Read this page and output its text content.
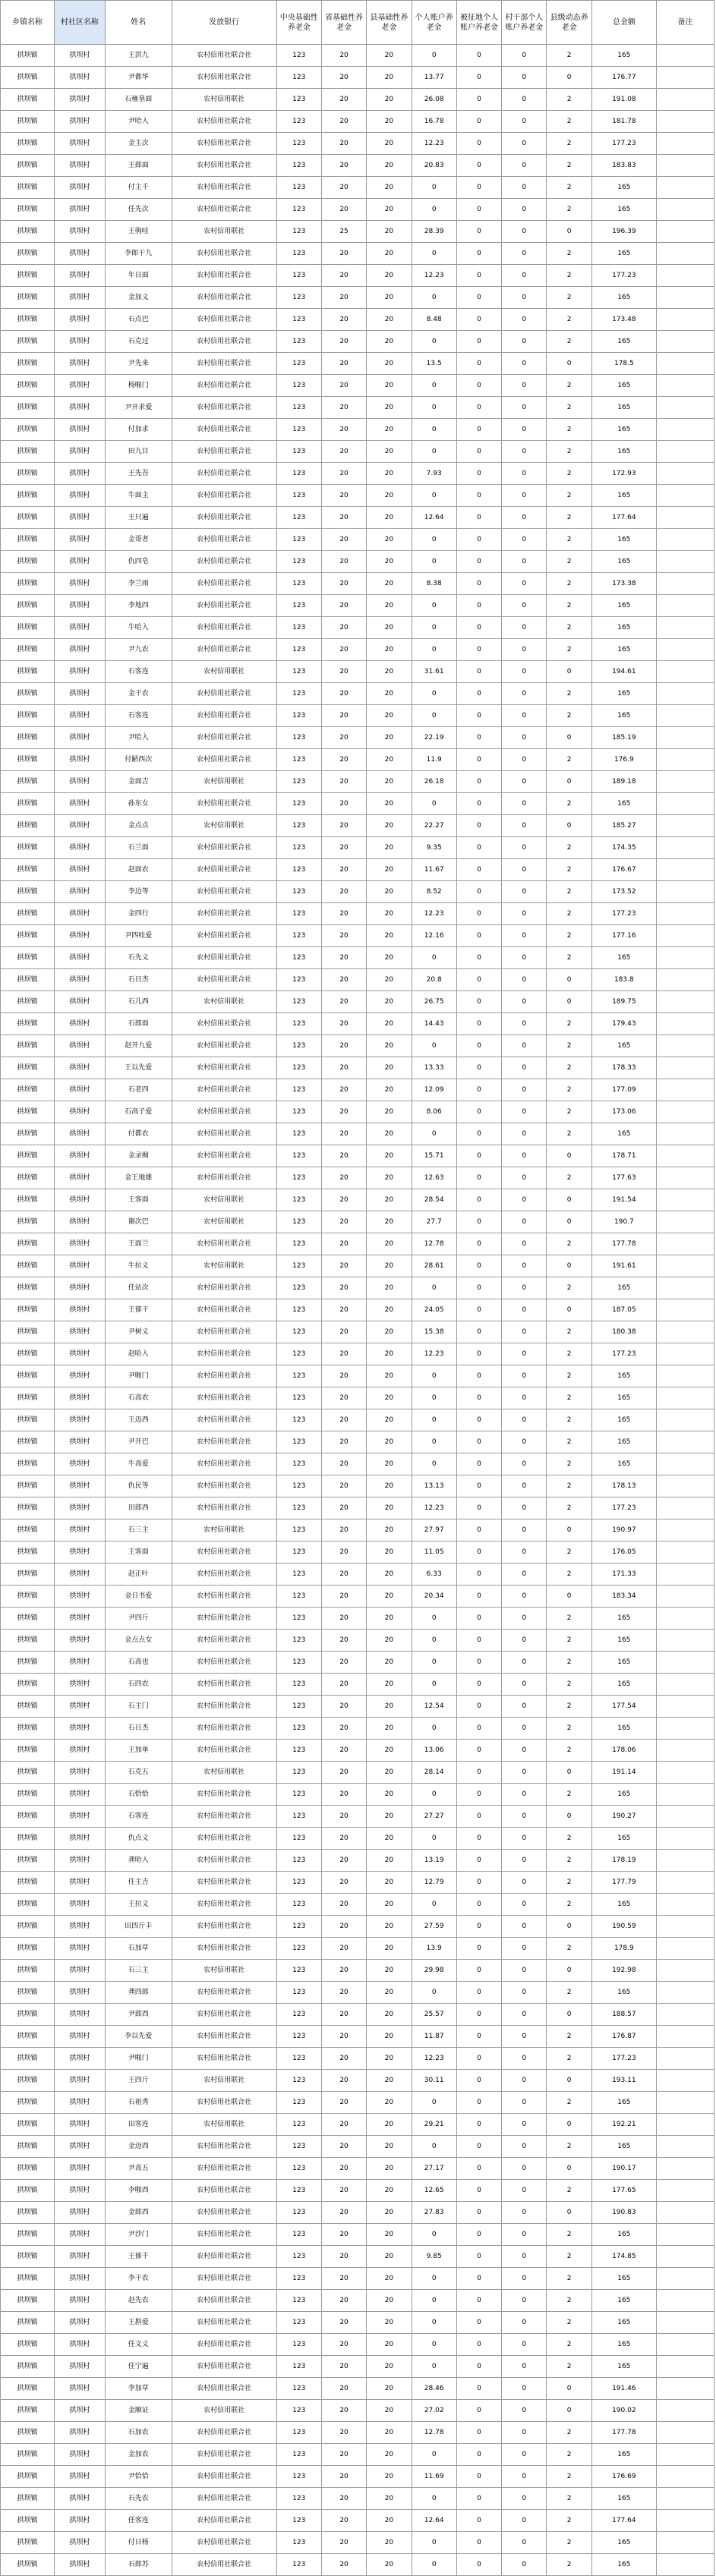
乡镇名称	村社区名称	姓名	发放银行	中央基础性养老金	省基础性养老金	县基础性养老金	个人账户养老金	被征地个人账户养老金	村干部个人账户养老金	县级动态养老金	总金额	备注
拱坝镇	拱坝村	王洪九	农村信用社联合社	123	20	20	0	0	0	2	165	
拱坝镇	拱坝村	尹都华	农村信用社联合社	123	20	20	13.77	0	0	0	176.77	
拱坝镇	拱坝村	石雍垦面	农村信用联社	123	20	20	26.08	0	0	2	191.08	
拱坝镇	拱坝村	尹哈入	农村信用社联合社	123	20	20	16.78	0	0	2	181.78	
拱坝镇	拱坝村	金主次	农村信用社联合社	123	20	20	12.23	0	0	2	177.23	
拱坝镇	拱坝村	王郎面	农村信用社联合社	123	20	20	20.83	0	0	2	183.83	
拱坝镇	拱坝村	付主千	农村信用社联合社	123	20	20	0	0	0	2	165	
拱坝镇	拱坝村	任先次	农村信用社联合社	123	20	20	0	0	0	2	165	
拱坝镇	拱坝村	王驹哇	农村信用联社	123	25	20	28.39	0	0	0	196.39	
拱坝镇	拱坝村	李郎干九	农村信用社联合社	123	20	20	0	0	0	2	165	
拱坝镇	拱坝村	年日面	农村信用社联合社	123	20	20	12.23	0	0	2	177.23	
拱坝镇	拱坝村	金加义	农村信用社联合社	123	20	20	0	0	0	2	165	
拱坝镇	拱坝村	石点巴	农村信用社联合社	123	20	20	8.48	0	0	2	173.48	
拱坝镇	拱坝村	石克过	农村信用社联合社	123	20	20	0	0	0	2	165	
拱坝镇	拱坝村	尹先来	农村信用社联合社	123	20	20	13.5	0	0	0	178.5	
拱坝镇	拱坝村	杨啪门	农村信用社联合社	123	20	20	0	0	0	2	165	
拱坝镇	拱坝村	尹开求爱	农村信用社联合社	123	20	20	0	0	0	2	165	
拱坝镇	拱坝村	付加求	农村信用社联合社	123	20	20	0	0	0	2	165	
拱坝镇	拱坝村	田九目	农村信用社联合社	123	20	20	0	0	0	2	165	
拱坝镇	拱坝村	王先吾	农村信用社联合社	123	20	20	7.93	0	0	2	172.93	
拱坝镇	拱坝村	牛面主	农村信用社联合社	123	20	20	0	0	0	2	165	
拱坝镇	拱坝村	王只遍	农村信用社联合社	123	20	20	12.64	0	0	2	177.64	
拱坝镇	拱坝村	金哥者	农村信用社联合社	123	20	20	0	0	0	2	165	
拱坝镇	拱坝村	仇四皂	农村信用社联合社	123	20	20	0	0	0	2	165	
拱坝镇	拱坝村	李兰雨	农村信用社联合社	123	20	20	8.38	0	0	2	173.38	
拱坝镇	拱坝村	李地四	农村信用社联合社	123	20	20	0	0	0	2	165	
拱坝镇	拱坝村	牛哈入	农村信用社联合社	123	20	20	0	0	0	2	165	
拱坝镇	拱坝村	尹九农	农村信用社联合社	123	20	20	0	0	0	2	165	
拱坝镇	拱坝村	石客连	农村信用联社	123	20	20	31.61	0	0	0	194.61	
拱坝镇	拱坝村	金干农	农村信用社联合社	123	20	20	0	0	0	2	165	
拱坝镇	拱坝村	石客连	农村信用社联合社	123	20	20	0	0	0	2	165	
拱坝镇	拱坝村	尹哈入	农村信用社联合社	123	20	20	22.19	0	0	0	185.19	
拱坝镇	拱坝村	付陋西次	农村信用社联合社	123	20	20	11.9	0	0	2	176.9	
拱坝镇	拱坝村	金面吉	农村信用联社	123	20	20	26.18	0	0	0	189.18	
拱坝镇	拱坝村	孙东女	农村信用社联合社	123	20	20	0	0	0	2	165	
拱坝镇	拱坝村	金点点	农村信用联社	123	20	20	22.27	0	0	0	185.27	
拱坝镇	拱坝村	石兰面	农村信用社联合社	123	20	20	9.35	0	0	2	174.35	
拱坝镇	拱坝村	赵面农	农村信用社联合社	123	20	20	11.67	0	0	2	176.67	
拱坝镇	拱坝村	李边等	农村信用社联合社	123	20	20	8.52	0	0	2	173.52	
拱坝镇	拱坝村	金四行	农村信用社联合社	123	20	20	12.23	0	0	2	177.23	
拱坝镇	拱坝村	尹四哇爱	农村信用社联合社	123	20	20	12.16	0	0	2	177.16	
拱坝镇	拱坝村	石先义	农村信用社联合社	123	20	20	0	0	0	2	165	
拱坝镇	拱坝村	石日杰	农村信用社联合社	123	20	20	20.8	0	0	0	183.8	
拱坝镇	拱坝村	石几西	农村信用联社	123	20	20	26.75	0	0	0	189.75	
拱坝镇	拱坝村	石郎面	农村信用社联合社	123	20	20	14.43	0	0	2	179.43	
拱坝镇	拱坝村	赵开九爱	农村信用社联合社	123	20	20	0	0	0	2	165	
拱坝镇	拱坝村	王以先爱	农村信用社联合社	123	20	20	13.33	0	0	2	178.33	
拱坝镇	拱坝村	石老四	农村信用社联合社	123	20	20	12.09	0	0	2	177.09	
拱坝镇	拱坝村	石高子爱	农村信用社联合社	123	20	20	8.06	0	0	2	173.06	
拱坝镇	拱坝村	付都农	农村信用社联合社	123	20	20	0	0	0	2	165	
拱坝镇	拱坝村	金录绸	农村信用社联合社	123	20	20	15.71	0	0	0	178.71	
拱坝镇	拱坝村	金王地雄	农村信用社联合社	123	20	20	12.63	0	0	2	177.63	
拱坝镇	拱坝村	王客面	农村信用联社	123	20	20	28.54	0	0	0	191.54	
拱坝镇	拱坝村	谢次巴	农村信用联社	123	20	20	27.7	0	0	0	190.7	
拱坝镇	拱坝村	王面兰	农村信用社联合社	123	20	20	12.78	0	0	2	177.78	
拱坝镇	拱坝村	牛拉义	农村信用联社	123	20	20	28.61	0	0	0	191.61	
拱坝镇	拱坝村	任站次	农村信用社联合社	123	20	20	0	0	0	2	165	
拱坝镇	拱坝村	王郁干	农村信用社联合社	123	20	20	24.05	0	0	0	187.05	
拱坝镇	拱坝村	尹树义	农村信用社联合社	123	20	20	15.38	0	0	2	180.38	
拱坝镇	拱坝村	赵哈入	农村信用社联合社	123	20	20	12.23	0	0	2	177.23	
拱坝镇	拱坝村	尹啪门	农村信用社联合社	123	20	20	0	0	0	2	165	
拱坝镇	拱坝村	石高农	农村信用社联合社	123	20	20	0	0	0	2	165	
拱坝镇	拱坝村	王迈西	农村信用社联合社	123	20	20	0	0	0	2	165	
拱坝镇	拱坝村	尹开巴	农村信用社联合社	123	20	20	0	0	0	2	165	
拱坝镇	拱坝村	牛高爱	农村信用社联合社	123	20	20	0	0	0	2	165	
拱坝镇	拱坝村	仇民等	农村信用社联合社	123	20	20	13.13	0	0	2	178.13	
拱坝镇	拱坝村	田郎西	农村信用社联合社	123	20	20	12.23	0	0	2	177.23	
拱坝镇	拱坝村	石三主	农村信用联社	123	20	20	27.97	0	0	0	190.97	
拱坝镇	拱坝村	王客面	农村信用社联合社	123	20	20	11.05	0	0	2	176.05	
拱坝镇	拱坝村	赵正叶	农村信用社联合社	123	20	20	6.33	0	0	2	171.33	
拱坝镇	拱坝村	金日书爱	农村信用社联合社	123	20	20	20.34	0	0	0	183.34	
拱坝镇	拱坝村	尹四斤	农村信用社联合社	123	20	20	0	0	0	2	165	
拱坝镇	拱坝村	金点点女	农村信用社联合社	123	20	20	0	0	0	2	165	
拱坝镇	拱坝村	石高也	农村信用社联合社	123	20	20	0	0	0	2	165	
拱坝镇	拱坝村	石四农	农村信用社联合社	123	20	20	0	0	0	2	165	
拱坝镇	拱坝村	石主门	农村信用社联合社	123	20	20	12.54	0	0	2	177.54	
拱坝镇	拱坝村	石日杰	农村信用社联合社	123	20	20	0	0	0	2	165	
拱坝镇	拱坝村	王加单	农村信用社联合社	123	20	20	13.06	0	0	2	178.06	
拱坝镇	拱坝村	石克五	农村信用联社	123	20	20	28.14	0	0	0	191.14	
拱坝镇	拱坝村	石恰恰	农村信用社联合社	123	20	20	0	0	0	2	165	
拱坝镇	拱坝村	石客连	农村信用社联合社	123	20	20	27.27	0	0	0	190.27	
拱坝镇	拱坝村	仇点义	农村信用社联合社	123	20	20	0	0	0	2	165	
拱坝镇	拱坝村	龚哈入	农村信用社联合社	123	20	20	13.19	0	0	2	178.19	
拱坝镇	拱坝村	任主吉	农村信用社联合社	123	20	20	12.79	0	0	2	177.79	
拱坝镇	拱坝村	王拉义	农村信用社联合社	123	20	20	0	0	0	2	165	
拱坝镇	拱坝村	田四斤丰	农村信用社联合社	123	20	20	27.59	0	0	0	190.59	
拱坝镇	拱坝村	石加草	农村信用社联合社	123	20	20	13.9	0	0	2	178.9	
拱坝镇	拱坝村	石三主	农村信用联社	123	20	20	29.98	0	0	0	192.98	
拱坝镇	拱坝村	龚四郎	农村信用社联合社	123	20	20	0	0	0	2	165	
拱坝镇	拱坝村	尹郎西	农村信用社联合社	123	20	20	25.57	0	0	0	188.57	
拱坝镇	拱坝村	李以先爱	农村信用社联合社	123	20	20	11.87	0	0	2	176.87	
拱坝镇	拱坝村	尹啪门	农村信用社联合社	123	20	20	12.23	0	0	2	177.23	
拱坝镇	拱坝村	王四斤	农村信用联社	123	20	20	30.11	0	0	0	193.11	
拱坝镇	拱坝村	石祖秀	农村信用社联合社	123	20	20	0	0	0	2	165	
拱坝镇	拱坝村	田客连	农村信用联社	123	20	20	29.21	0	0	0	192.21	
拱坝镇	拱坝村	金迈西	农村信用社联合社	123	20	20	0	0	0	2	165	
拱坝镇	拱坝村	尹高五	农村信用社联合社	123	20	20	27.17	0	0	0	190.17	
拱坝镇	拱坝村	李啪西	农村信用社联合社	123	20	20	12.65	0	0	2	177.65	
拱坝镇	拱坝村	金郎西	农村信用社联合社	123	20	20	27.83	0	0	0	190.83	
拱坝镇	拱坝村	尹沙门	农村信用社联合社	123	20	20	0	0	0	2	165	
拱坝镇	拱坝村	王郁千	农村信用社联合社	123	20	20	9.85	0	0	2	174.85	
拱坝镇	拱坝村	李干农	农村信用社联合社	123	20	20	0	0	0	2	165	
拱坝镇	拱坝村	赵先农	农村信用社联合社	123	20	20	0	0	0	2	165	
拱坝镇	拱坝村	王斟爱	农村信用社联合社	123	20	20	0	0	0	2	165	
拱坝镇	拱坝村	任文义	农村信用社联合社	123	20	20	0	0	0	2	165	
拱坝镇	拱坝村	任宁遍	农村信用社联合社	123	20	20	0	0	0	2	165	
拱坝镇	拱坝村	李加草	农村信用社联合社	123	20	20	28.46	0	0	0	191.46	
拱坝镇	拱坝村	金顺证	农村信用联社	123	20	20	27.02	0	0	0	190.02	
拱坝镇	拱坝村	石加农	农村信用社联合社	123	20	20	12.78	0	0	2	177.78	
拱坝镇	拱坝村	金加农	农村信用社联合社	123	20	20	0	0	0	2	165	
拱坝镇	拱坝村	尹恰恰	农村信用社联合社	123	20	20	11.69	0	0	2	176.69	
拱坝镇	拱坝村	石先农	农村信用社联合社	123	20	20	0	0	0	2	165	
拱坝镇	拱坝村	任客连	农村信用社联合社	123	20	20	12.64	0	0	2	177.64	
拱坝镇	拱坝村	付日杨	农村信用社联合社	123	20	20	0	0	0	2	165	
拱坝镇	拱坝村	石郎苏	农村信用社联合社	123	20	20	0	0	0	2	165	
